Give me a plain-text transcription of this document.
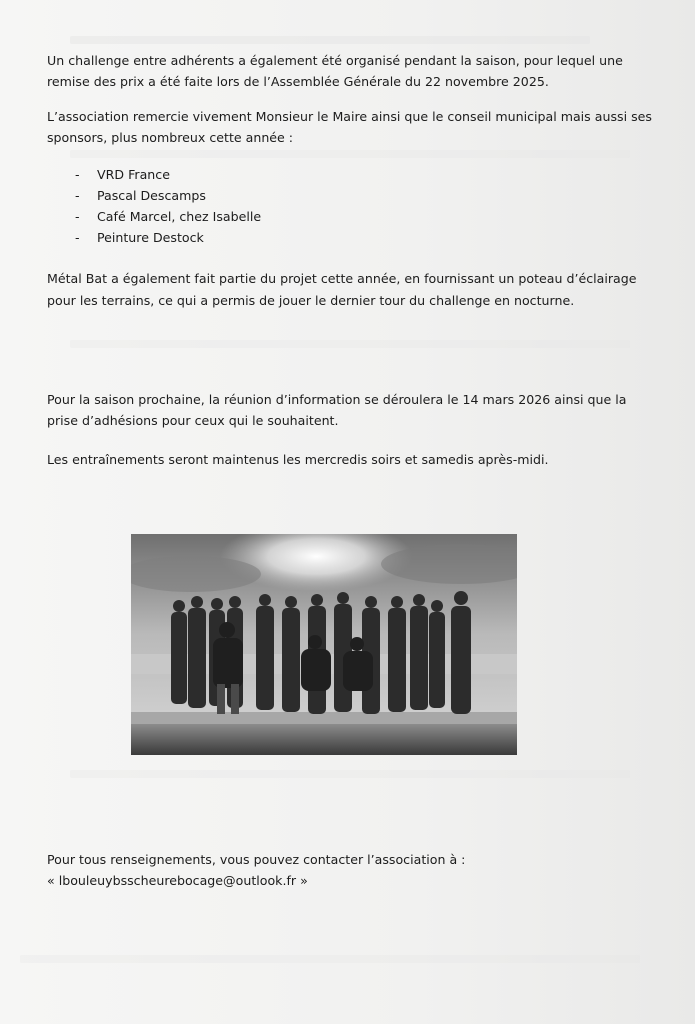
Un challenge entre adhérents a également été organisé pendant la saison, pour lequel une remise des prix a été faite lors de l’Assemblée Générale du 22 novembre 2025.

L’association remercie vivement Monsieur le Maire ainsi que le conseil municipal mais aussi ses sponsors, plus nombreux cette année :

- VRD France
- Pascal Descamps
- Café Marcel, chez Isabelle
- Peinture Destock

Métal Bat a également fait partie du projet cette année, en fournissant un poteau d’éclairage pour les terrains, ce qui a permis de jouer le dernier tour du challenge en nocturne.

Pour la saison prochaine, la réunion d’information se déroulera le 14 mars 2026 ainsi que la prise d’adhésions pour ceux qui le souhaitent.

Les entraînements seront maintenus les mercredis soirs et samedis après-midi.

Pour tous renseignements, vous pouvez contacter l’association à :
« lbouleuybsscheurebocage@outlook.fr »
